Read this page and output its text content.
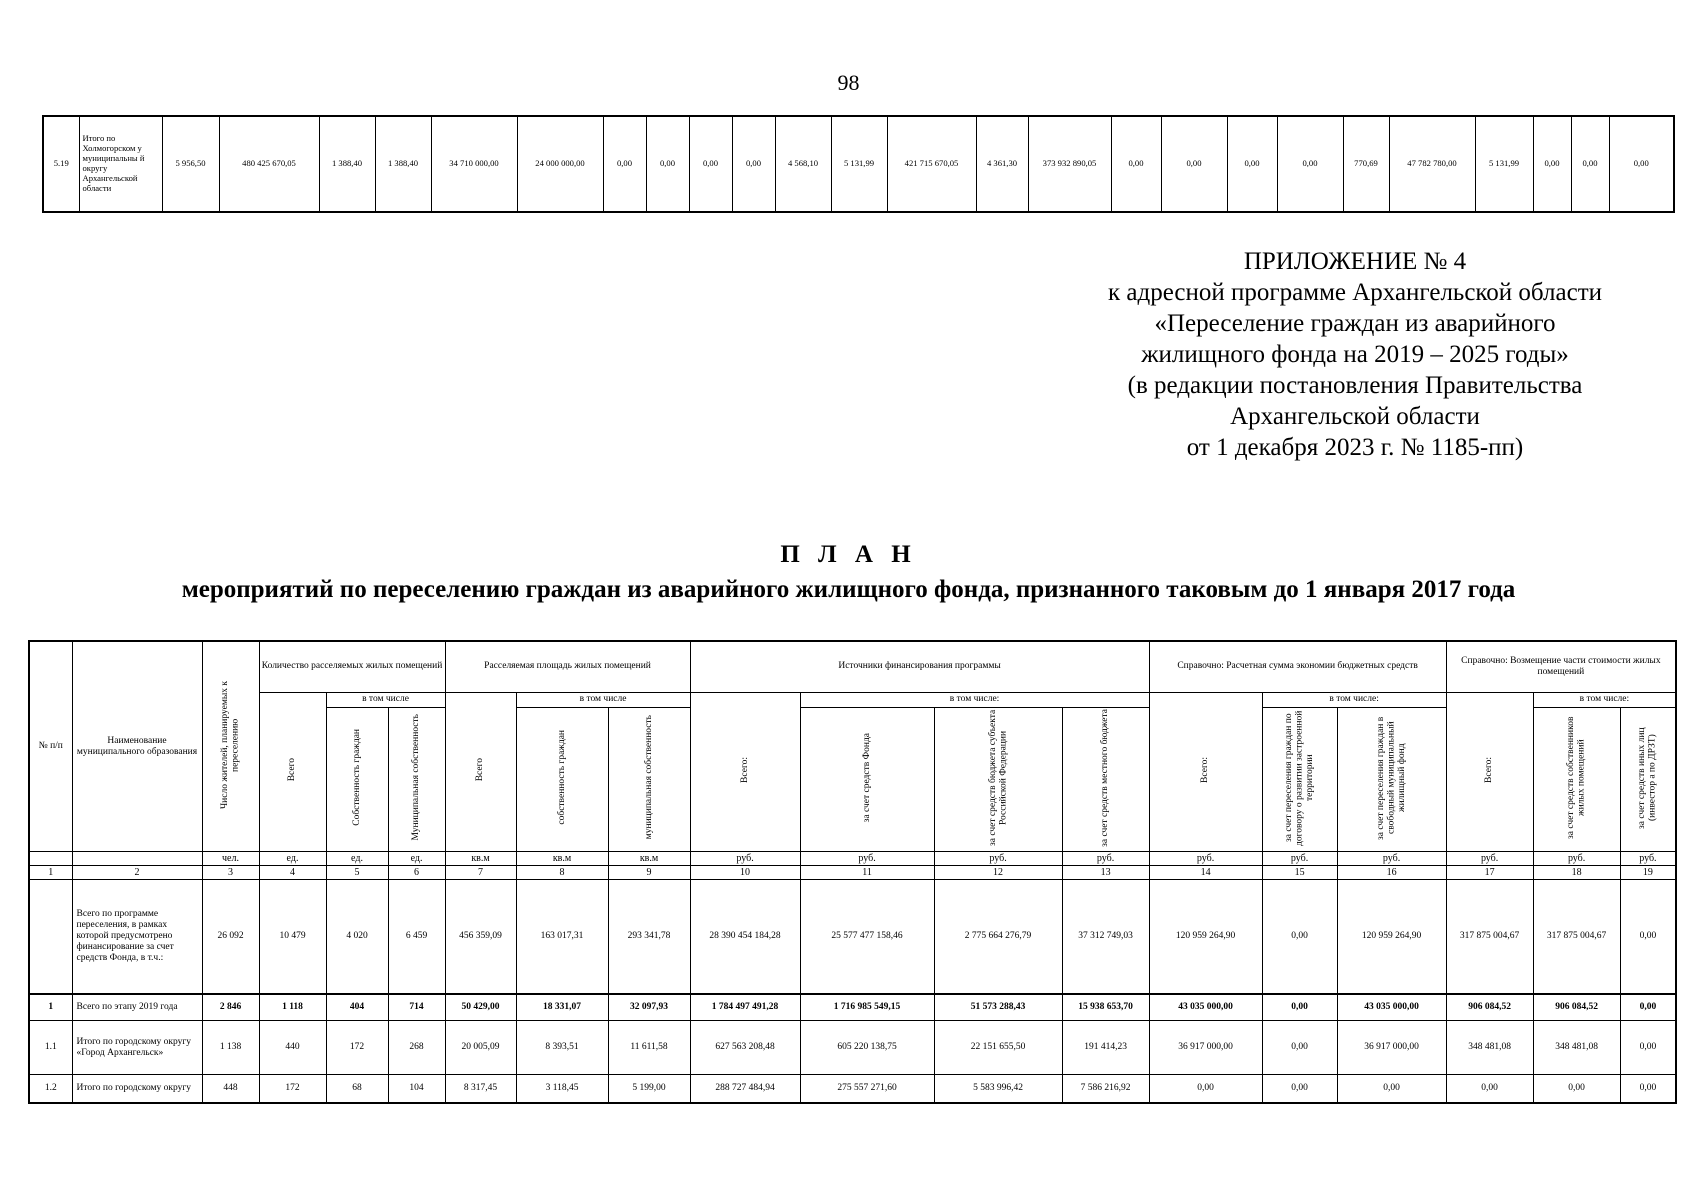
98
5.19	Итого по Холмогорском у муниципальны й округу Архангельской области	5 956,50	480 425 670,05	1 388,40	1 388,40	34 710 000,00	24 000 000,00	0,00	0,00	0,00	0,00	4 568,10	5 131,99	421 715 670,05	4 361,30	373 932 890,05	0,00	0,00	0,00	0,00	770,69	47 782 780,00	5 131,99	0,00	0,00	0,00
ПРИЛОЖЕНИЕ № 4
к адресной программе Архангельской области
«Переселение граждан из аварийного
жилищного фонда на 2019 – 2025 годы»
(в редакции постановления Правительства
Архангельской области
от 1 декабря 2023 г. № 1185-пп)
П Л А Н
мероприятий по переселению граждан из аварийного жилищного фонда, признанного таковым до 1 января 2017 года
№ п/п	Наименование муниципального образования	Число жителей, планируемых к переселению	Количество расселяемых жилых помещений			Расселяемая площадь жилых помещений			Источники финансирования программы				Справочно: Расчетная сумма экономии бюджетных средств			Справочно: Возмещение части стоимости жилых помещений		
			Всего	в том числе		Всего	в том числе		Всего:	в том числе:			Всего:	в том числе:		Всего:	в том числе:	
				Собственность граждан	Муниципальная собственность		собственность граждан	муниципальная собственность		за счет средств Фонда	за счет средств бюджета субъекта Российской Федерации	за счет средств местного бюджета		за счет переселения граждан по договору о развитии застроенной территории	за счет переселения граждан в свободный муниципальный жилищный фонд		за счет средств собственников жилых помещений	за счет средств иных лиц (инвестор а по ДРЗТ)
		чел.	ед.	ед.	ед.	кв.м	кв.м	кв.м	руб.	руб.	руб.	руб.	руб.	руб.	руб.	руб.	руб.	руб.
1	2	3	4	5	6	7	8	9	10	11	12	13	14	15	16	17	18	19
	Всего по программе переселения, в рамках которой предусмотрено финансирование за счет средств Фонда, в т.ч.:	26 092	10 479	4 020	6 459	456 359,09	163 017,31	293 341,78	28 390 454 184,28	25 577 477 158,46	2 775 664 276,79	37 312 749,03	120 959 264,90	0,00	120 959 264,90	317 875 004,67	317 875 004,67	0,00
1	Всего по этапу 2019 года	2 846	1 118	404	714	50 429,00	18 331,07	32 097,93	1 784 497 491,28	1 716 985 549,15	51 573 288,43	15 938 653,70	43 035 000,00	0,00	43 035 000,00	906 084,52	906 084,52	0,00
1.1	Итого по городскому округу «Город Архангельск»	1 138	440	172	268	20 005,09	8 393,51	11 611,58	627 563 208,48	605 220 138,75	22 151 655,50	191 414,23	36 917 000,00	0,00	36 917 000,00	348 481,08	348 481,08	0,00
1.2	Итого по городскому округу	448	172	68	104	8 317,45	3 118,45	5 199,00	288 727 484,94	275 557 271,60	5 583 996,42	7 586 216,92	0,00	0,00	0,00	0,00	0,00	0,00
